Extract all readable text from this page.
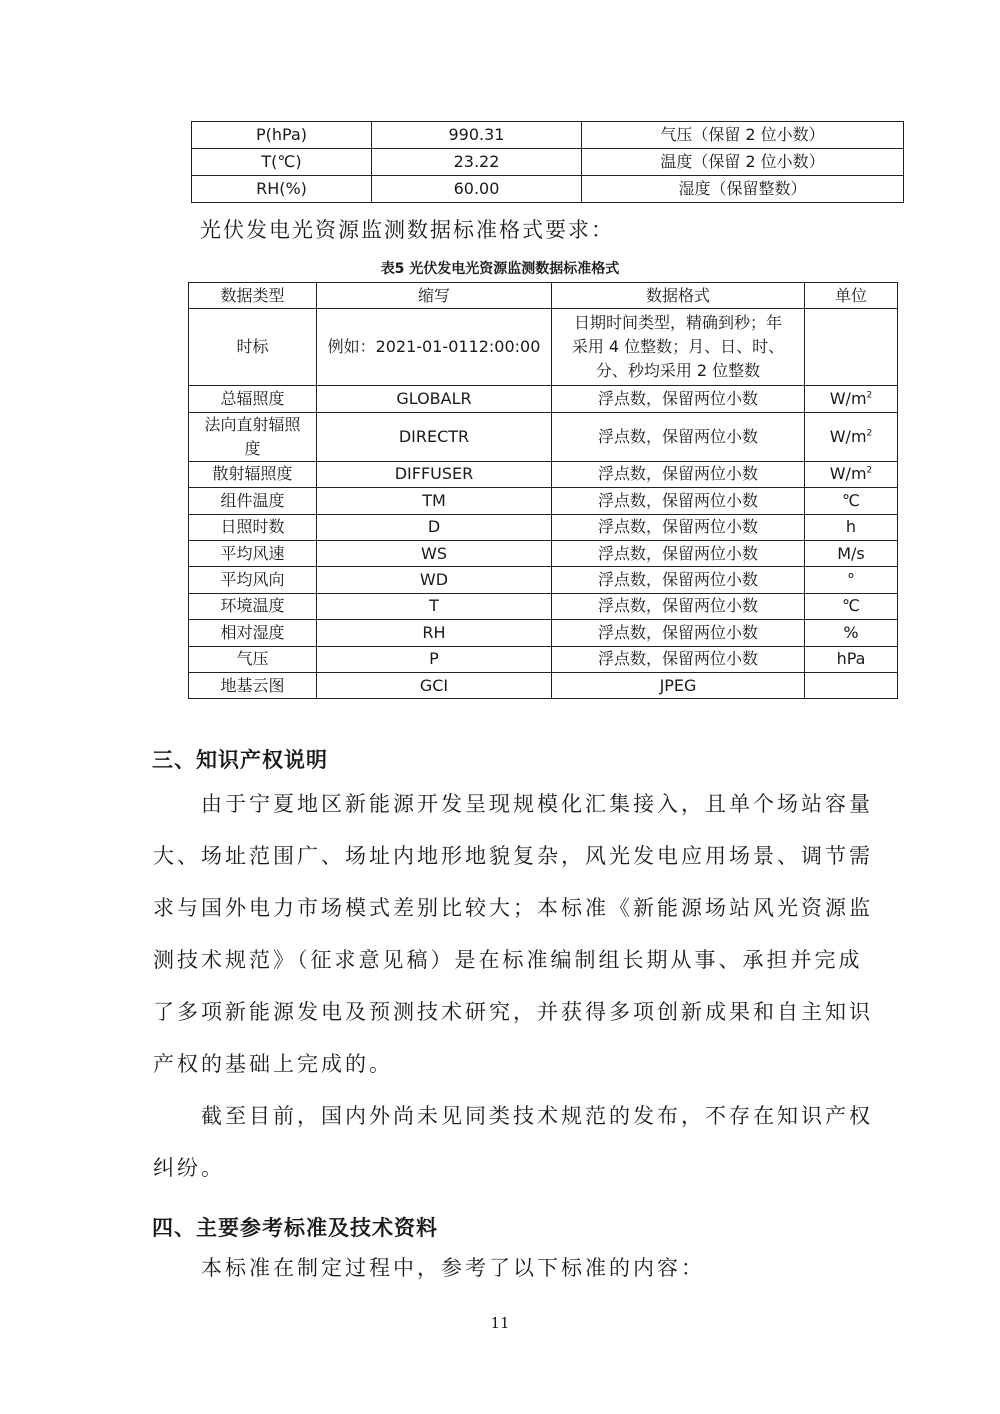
P(hPa)	990.31	气压（保留 2 位小数）
T(℃)	23.22	温度（保留 2 位小数）
RH(%)	60.00	湿度（保留整数）
光伏发电光资源监测数据标准格式要求：
表5 光伏发电光资源监测数据标准格式
数据类型	缩写	数据格式	单位
时标	例如：2021-01-0112:00:00	日期时间类型，精确到秒；年
采用 4 位整数；月、日、时、
分、秒均采用 2 位整数	

总辐照度	GLOBALR	浮点数，保留两位小数	$W/m^2$

法向直射辐照
度	DIRECTR	浮点数，保留两位小数	$W/m^2$
散射辐照度	DIFFUSER	浮点数，保留两位小数	$W/m^2$
组件温度	TM	浮点数，保留两位小数	℃
日照时数	D	浮点数，保留两位小数	h
平均风速	WS	浮点数，保留两位小数	M/s
平均风向	WD	浮点数，保留两位小数	°
环境温度	T	浮点数，保留两位小数	℃
相对湿度	RH	浮点数，保留两位小数	%
气压	P	浮点数，保留两位小数	hPa
地基云图	GCI	JPEG	
三、知识产权说明
由于宁夏地区新能源开发呈现规模化汇集接入，且单个场站容量
大、场址范围广、场址内地形地貌复杂，风光发电应用场景、调节需
求与国外电力市场模式差别比较大；本标准《新能源场站风光资源监
测技术规范》（征求意见稿）是在标准编制组长期从事、承担并完成
了多项新能源发电及预测技术研究，并获得多项创新成果和自主知识
产权的基础上完成的。
截至目前，国内外尚未见同类技术规范的发布，不存在知识产权
纠纷。
四、主要参考标准及技术资料
本标准在制定过程中，参考了以下标准的内容：
11
